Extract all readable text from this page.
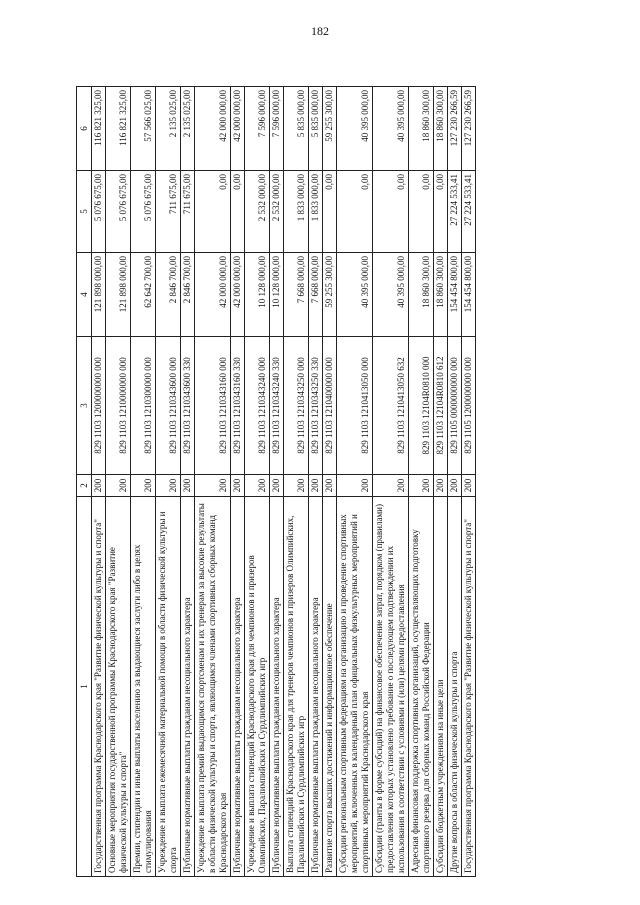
182
1	2	3	4	5	6
Государственная программа Краснодарского края "Развитие физической культуры и спорта"	200	829 1103 1200000000 000	121 898 000,00	5 076 675,00	116 821 325,00
Основные мероприятия государственной программы Краснодарского края "Развитие физической культуры и спорта"	200	829 1103 1210000000 000	121 898 000,00	5 076 675,00	116 821 325,00
Премии, стипендии и иные выплаты населению за выдающиеся заслуги либо в целях стимулирования	200	829 1103 1210300000 000	62 642 700,00	5 076 675,00	57 566 025,00
Учреждение и выплата ежемесячной материальной помощи в области физической культуры и спорта	200	829 1103 1210343600 000	2 846 700,00	711 675,00	2 135 025,00
Публичные нормативные выплаты гражданам несоциального характера	200	829 1103 1210343600 330	2 846 700,00	711 675,00	2 135 025,00
Учреждение и выплата премий выдающимся спортсменам и их тренерам за высокие результаты в области физической культуры и спорта, являющимся членами спортивных сборных команд Краснодарского края	200	829 1103 1210343160 000	42 000 000,00	0,00	42 000 000,00
Публичные нормативные выплаты гражданам несоциального характера	200	829 1103 1210343160 330	42 000 000,00	0,00	42 000 000,00
Учреждение и выплата стипендий Краснодарского края для чемпионов и призеров Олимпийских, Паралимпийских и Сурдлимпийских игр	200	829 1103 1210343240 000	10 128 000,00	2 532 000,00	7 596 000,00
Публичные нормативные выплаты гражданам несоциального характера	200	829 1103 1210343240 330	10 128 000,00	2 532 000,00	7 596 000,00
Выплата стипендий Краснодарского края для тренеров чемпионов и призеров Олимпийских, Паралимпийских и Сурдлимпийских игр	200	829 1103 1210343250 000	7 668 000,00	1 833 000,00	5 835 000,00
Публичные нормативные выплаты гражданам несоциального характера	200	829 1103 1210343250 330	7 668 000,00	1 833 000,00	5 835 000,00
Развитие спорта высших достижений и информационное обеспечение	200	829 1103 1210400000 000	59 255 300,00	0,00	59 255 300,00
Субсидии региональным спортивным федерациям на организацию и проведение спортивных мероприятий, включенных в календарный план официальных физкультурных мероприятий и спортивных мероприятий Краснодарского края	200	829 1103 1210413050 000	40 395 000,00	0,00	40 395 000,00
Субсидии (гранты в форме субсидий) на финансовое обеспечение затрат, порядком (правилами) предоставления которых установлено требование о последующем подтверждении их использования в соответствии с условиями и (или) целями предоставления	200	829 1103 1210413050 632	40 395 000,00	0,00	40 395 000,00
Адресная финансовая поддержка спортивных организаций, осуществляющих подготовку спортивного резерва для сборных команд Российской Федерации	200	829 1103 12104R0810 000	18 860 300,00	0,00	18 860 300,00
Субсидии бюджетным учреждениям на иные цели	200	829 1103 12104R0810 612	18 860 300,00	0,00	18 860 300,00
Другие вопросы в области физической культуры и спорта	200	829 1105 0000000000 000	154 454 800,00	27 224 533,41	127 230 266,59
Государственная программа Краснодарского края "Развитие физической культуры и спорта"	200	829 1105 1200000000 000	154 454 800,00	27 224 533,41	127 230 266,59
